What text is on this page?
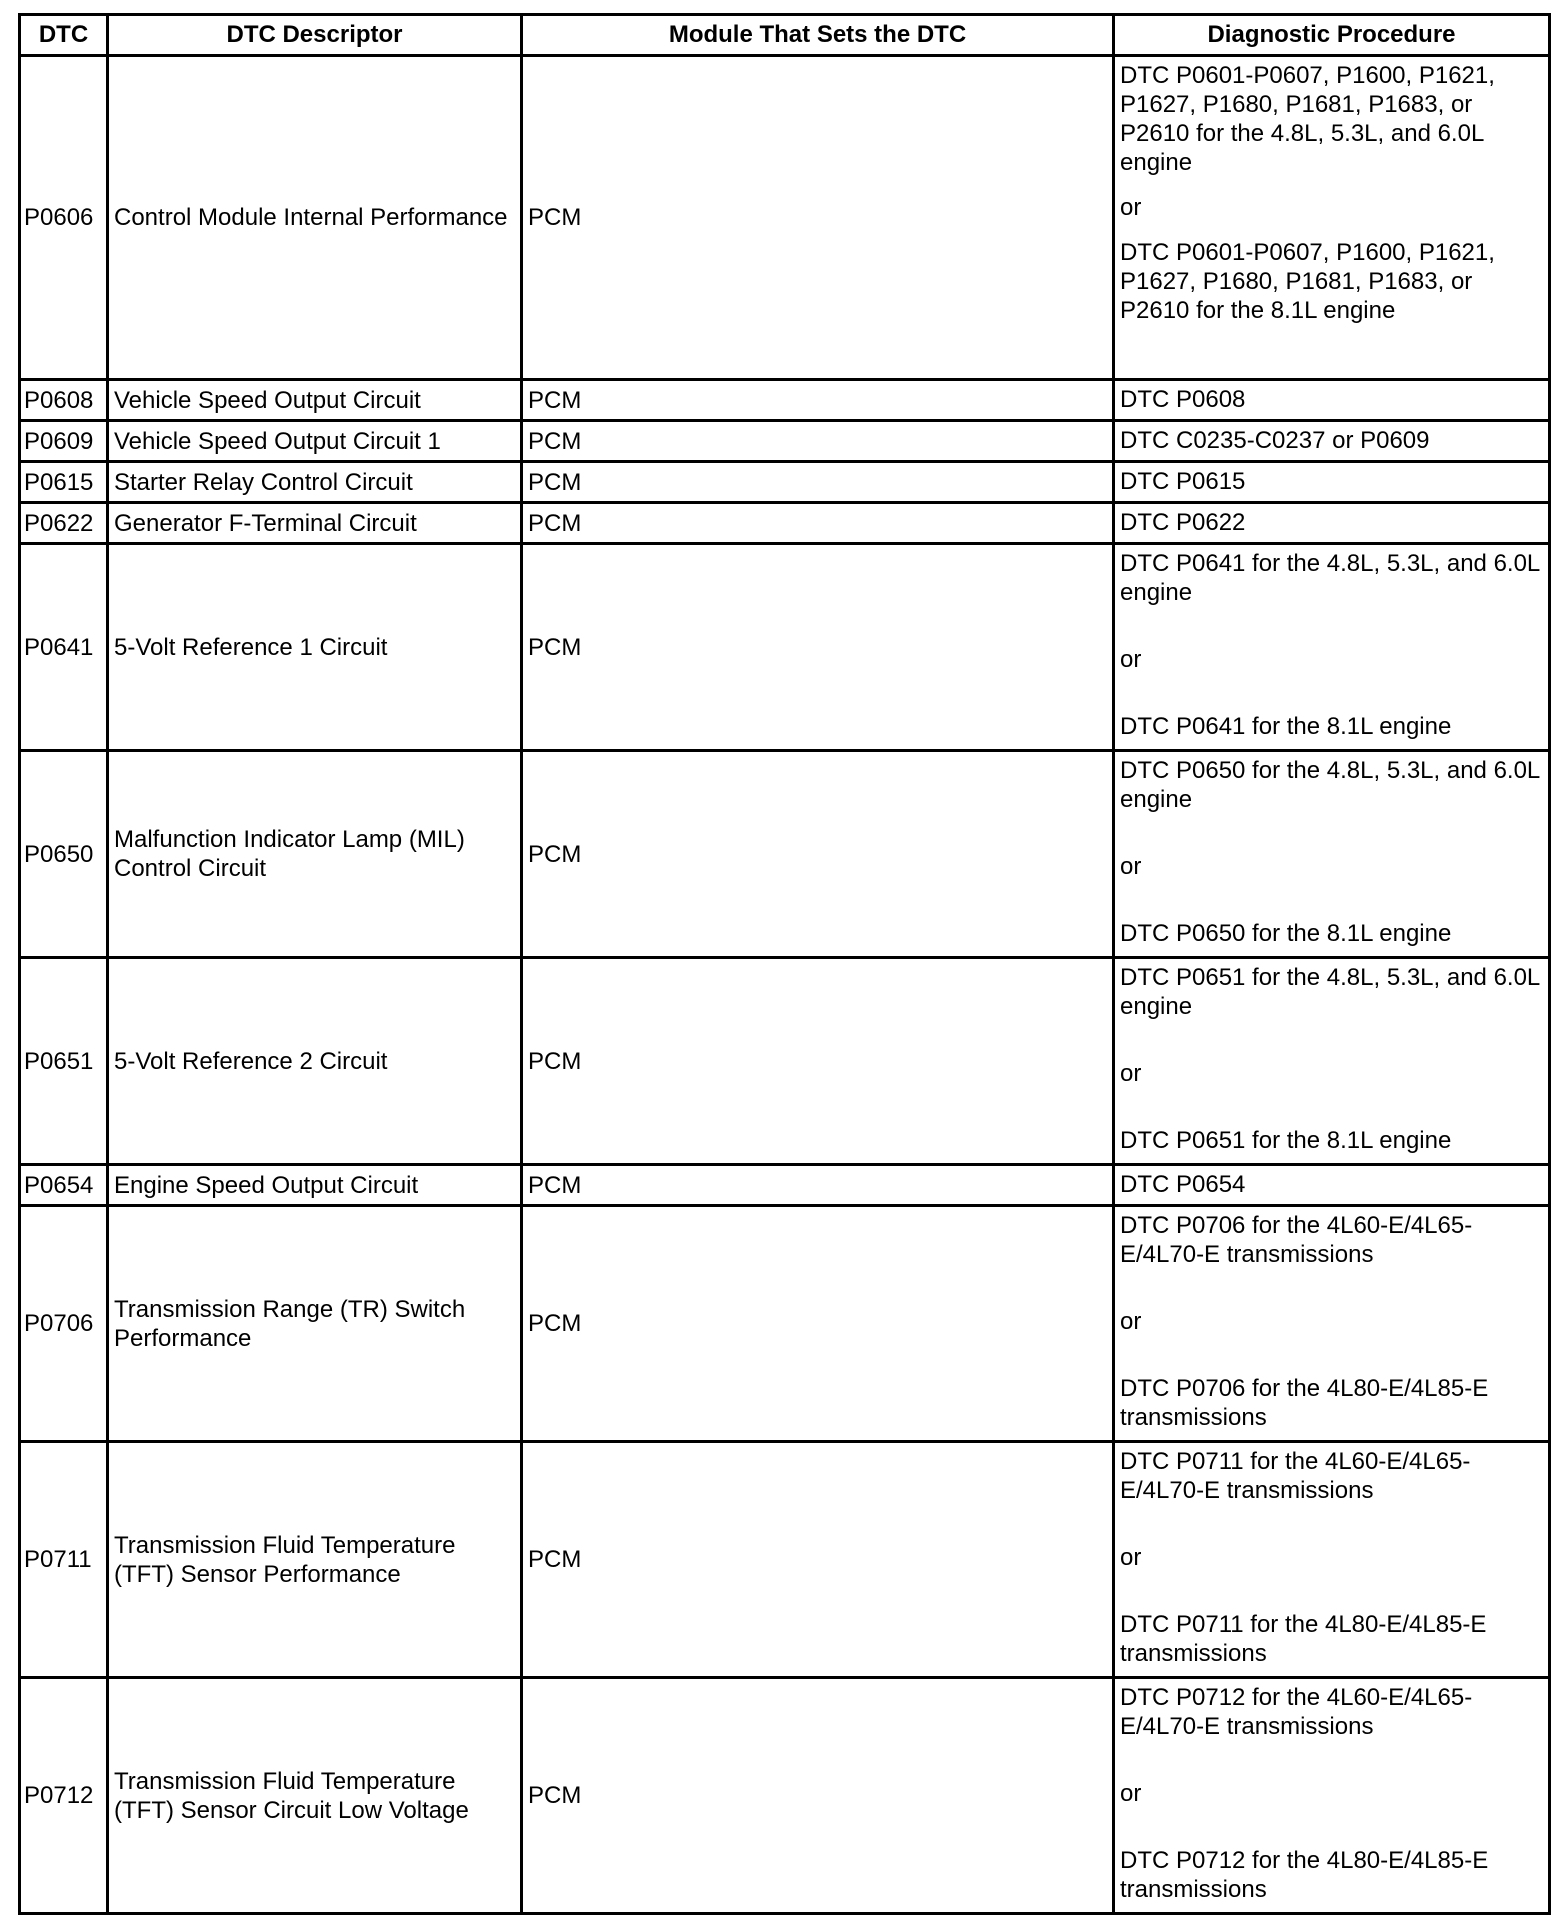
DTC	DTC Descriptor	Module That Sets the DTC	Diagnostic Procedure
P0606	Control Module Internal Performance	PCM	DTC P0601-P0607, P1600, P1621, P1627, P1680, P1681, P1683, or P2610 for the 4.8L, 5.3L, and 6.0L engine
or
DTC P0601-P0607, P1600, P1621, P1627, P1680, P1681, P1683, or P2610 for the 8.1L engine

P0608	Vehicle Speed Output Circuit	PCM	DTC P0608

P0609	Vehicle Speed Output Circuit 1	PCM	DTC C0235-C0237 or P0609

P0615	Starter Relay Control Circuit	PCM	DTC P0615

P0622	Generator F-Terminal Circuit	PCM	DTC P0622

P0641	5-Volt Reference 1 Circuit	PCM	DTC P0641 for the 4.8L, 5.3L, and 6.0L engine
or
DTC P0641 for the 8.1L engine

P0650	Malfunction Indicator Lamp (MIL) Control Circuit	PCM	DTC P0650 for the 4.8L, 5.3L, and 6.0L engine
or
DTC P0650 for the 8.1L engine

P0651	5-Volt Reference 2 Circuit	PCM	DTC P0651 for the 4.8L, 5.3L, and 6.0L engine
or
DTC P0651 for the 8.1L engine

P0654	Engine Speed Output Circuit	PCM	DTC P0654

P0706	Transmission Range (TR) Switch Performance	PCM	DTC P0706 for the 4L60-E/4L65-E/4L70-E transmissions
or
DTC P0706 for the 4L80-E/4L85-E transmissions

P0711	Transmission Fluid Temperature (TFT) Sensor Performance	PCM	DTC P0711 for the 4L60-E/4L65-E/4L70-E transmissions
or
DTC P0711 for the 4L80-E/4L85-E transmissions

P0712	Transmission Fluid Temperature (TFT) Sensor Circuit Low Voltage	PCM	DTC P0712 for the 4L60-E/4L65-E/4L70-E transmissions
or
DTC P0712 for the 4L80-E/4L85-E transmissions
